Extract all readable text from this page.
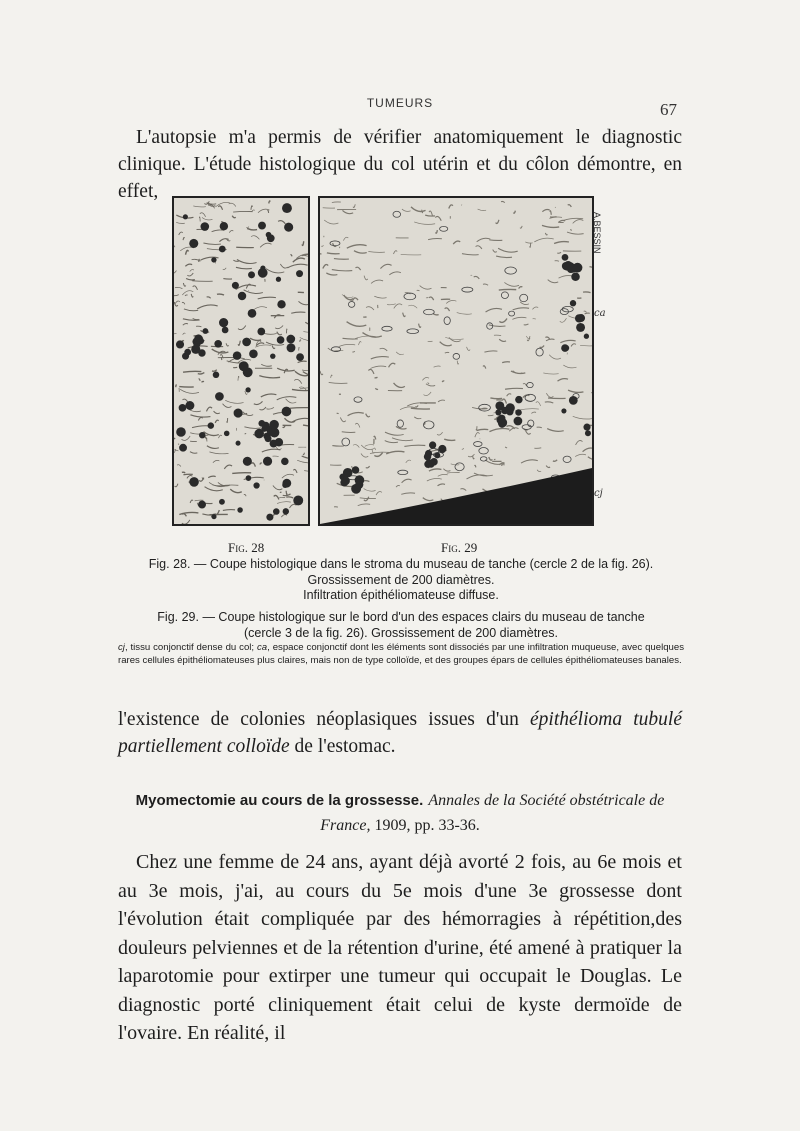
TUMEURS	67

L'autopsie m'a permis de vérifier anatomiquement le diagnostic clinique. L'étude histologique du col utérin et du côlon démontre, en effet,

A.BESSIN
ca
cj
Fig. 28	Fig. 29

Fig. 28. — Coupe histologique dans le stroma du museau de tanche (cercle 2 de la fig. 26).
Grossissement de 200 diamètres.
Infiltration épithéliomateuse diffuse.

Fig. 29. — Coupe histologique sur le bord d'un des espaces clairs du museau de tanche
(cercle 3 de la fig. 26). Grossissement de 200 diamètres.

cj, tissu conjonctif dense du col; ca, espace conjonctif dont les éléments sont dissociés par une infiltration muqueuse, avec quelques rares cellules épithéliomateuses plus claires, mais non de type colloïde, et des groupes épars de cellules épithéliomateuses banales.

l'existence de colonies néoplasiques issues d'un épithélioma tubulé partiellement colloïde de l'estomac.

Myomectomie au cours de la grossesse. Annales de la Société obstétricale de France, 1909, pp. 33-36.

Chez une femme de 24 ans, ayant déjà avorté 2 fois, au 6e mois et au 3e mois, j'ai, au cours du 5e mois d'une 3e grossesse dont l'évolution était compliquée par des hémorragies à répétition,des douleurs pelviennes et de la rétention d'urine, été amené à pratiquer la laparotomie pour extirper une tumeur qui occupait le Douglas. Le diagnostic porté cliniquement était celui de kyste dermoïde de l'ovaire. En réalité, il
